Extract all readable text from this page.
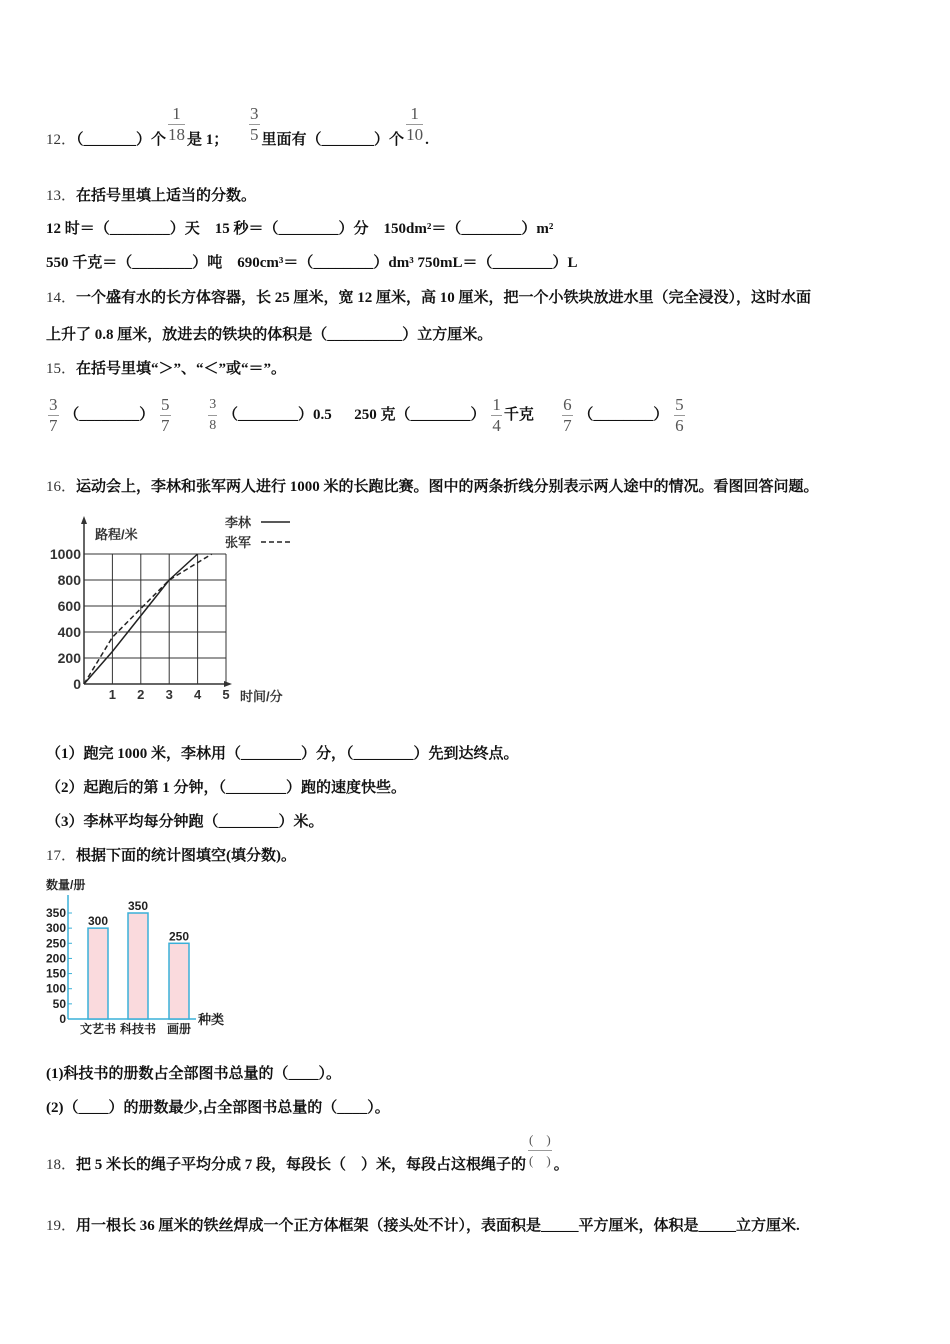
12．（_______）个 $\frac{1}{18}$ 是 1； $\frac{3}{5}$ 里面有（_______）个 $\frac{1}{10}$ .
13．在括号里填上适当的分数。
12 时＝（________）天　15 秒＝（________）分　150dm²＝（________）m²
550 千克＝（________）吨　690cm³＝（________）dm³ 750mL＝（________）L
14．一个盛有水的长方体容器，长 25 厘米，宽 12 厘米，高 10 厘米，把一个小铁块放进水里（完全浸没），这时水面
上升了 0.8 厘米，放进去的铁块的体积是（__________）立方厘米。
15．在括号里填“＞”、“＜”或“＝”。
$\frac{3}{7}$ （________） $\frac{5}{7}$
	$\frac{3}{8}$ （________）0.5 250 克（________） $\frac{1}{4}$ 千克 $\frac{6}{7}$ （________） $\frac{5}{6}$
16．运动会上，李林和张军两人进行 1000 米的长跑比赛。图中的两条折线分别表示两人途中的情况。看图回答问题。
1 2 3 4 5
0
200
400
600
800
1000
路程/米
时间/分
李林
张军
（1）跑完 1000 米，李林用（________）分，（________）先到达终点。
（2）起跑后的第 1 分钟，（________）跑的速度快些。
（3）李林平均每分钟跑（________）米。
17．根据下面的统计图填空(填分数)。
0
50
100
150
200
250
300
350
数量/册
种类
300
文艺书
350
科技书
250
画册
(1)科技书的册数占全部图书总量的（____）。
(2)（____）的册数最少,占全部图书总量的（____）。
18．把 5 米长的绳子平均分成 7 段，每段长（　）米，每段占这根绳子的 $\frac{( )}{( )}$ 。
19．用一根长 36 厘米的铁丝焊成一个正方体框架（接头处不计），表面积是_____平方厘米，体积是_____立方厘米.
